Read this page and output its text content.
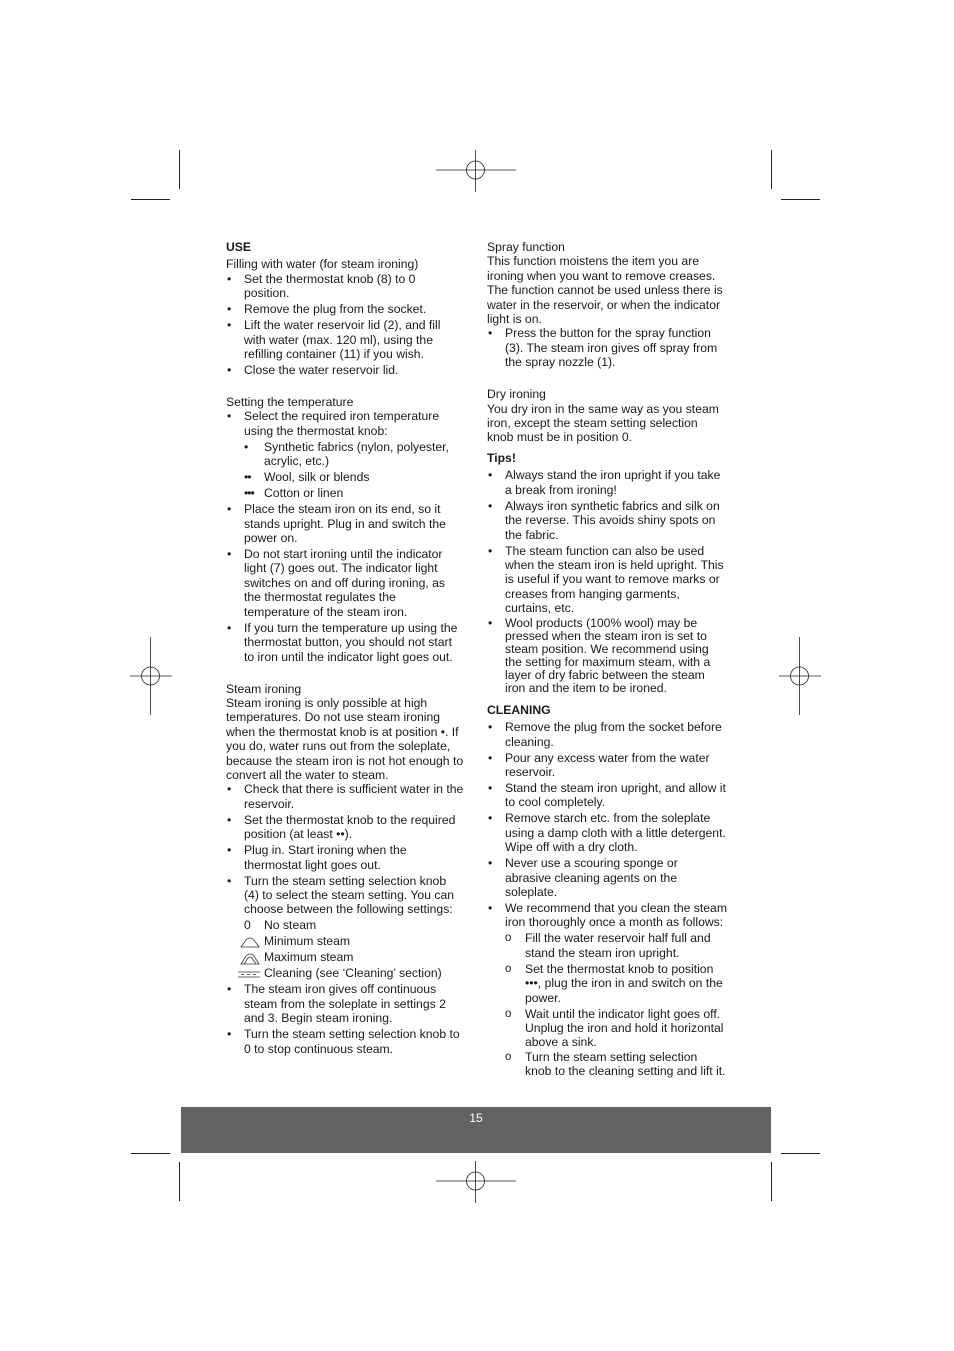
USE
Filling with water (for steam ironing)
• Set the thermostat knob (8) to 0 position.
• Remove the plug from the socket.
• Lift the water reservoir lid (2), and fill with water (max. 120 ml), using the refilling container (11) if you wish.
• Close the water reservoir lid.
Setting the temperature
• Select the required iron temperature using the thermostat knob:
• Synthetic fabrics (nylon, polyester, acrylic, etc.)
•• Wool, silk or blends
••• Cotton or linen
• Place the steam iron on its end, so it stands upright. Plug in and switch the power on.
• Do not start ironing until the indicator light (7) goes out. The indicator light switches on and off during ironing, as the thermostat regulates the temperature of the steam iron.
• If you turn the temperature up using the thermostat button, you should not start to iron until the indicator light goes out.
Steam ironing

Steam ironing is only possible at high temperatures. Do not use steam ironing when the thermostat knob is at position •. If you do, water runs out from the soleplate, because the steam iron is not hot enough to convert all the water to steam.

• Check that there is sufficient water in the reservoir.
• Set the thermostat knob to the required position (at least ••).
• Plug in. Start ironing when the thermostat light goes out.
• Turn the steam setting selection knob (4) to select the steam setting. You can choose between the following settings:
0 No steam
Minimum steam
Maximum steam
Cleaning (see ‘Cleaning’ section)
• The steam iron gives off continuous steam from the soleplate in settings 2 and 3. Begin steam ironing.
• Turn the steam setting selection knob to 0 to stop continuous steam.
Spray function

This function moistens the item you are ironing when you want to remove creases. The function cannot be used unless there is water in the reservoir, or when the indicator light is on.

• Press the button for the spray function (3). The steam iron gives off spray from the spray nozzle (1).
Dry ironing

You dry iron in the same way as you steam iron, except the steam setting selection knob must be in position 0.

Tips!
• Always stand the iron upright if you take a break from ironing!
• Always iron synthetic fabrics and silk on the reverse. This avoids shiny spots on the fabric.
• The steam function can also be used when the steam iron is held upright. This is useful if you want to remove marks or creases from hanging garments, curtains, etc.
• Wool products (100% wool) may be pressed when the steam iron is set to steam position. We recommend using the setting for maximum steam, with a layer of dry fabric between the steam iron and the item to be ironed.
CLEANING
• Remove the plug from the socket before cleaning.
• Pour any excess water from the water reservoir.
• Stand the steam iron upright, and allow it to cool completely.
• Remove starch etc. from the soleplate using a damp cloth with a little detergent. Wipe off with a dry cloth.
• Never use a scouring sponge or abrasive cleaning agents on the soleplate.
• We recommend that you clean the steam iron thoroughly once a month as follows:
o Fill the water reservoir half full and stand the steam iron upright.
o Set the thermostat knob to position •••, plug the iron in and switch on the power.
o Wait until the indicator light goes off. Unplug the iron and hold it horizontal above a sink.
o Turn the steam setting selection knob to the cleaning setting and lift it.
15
